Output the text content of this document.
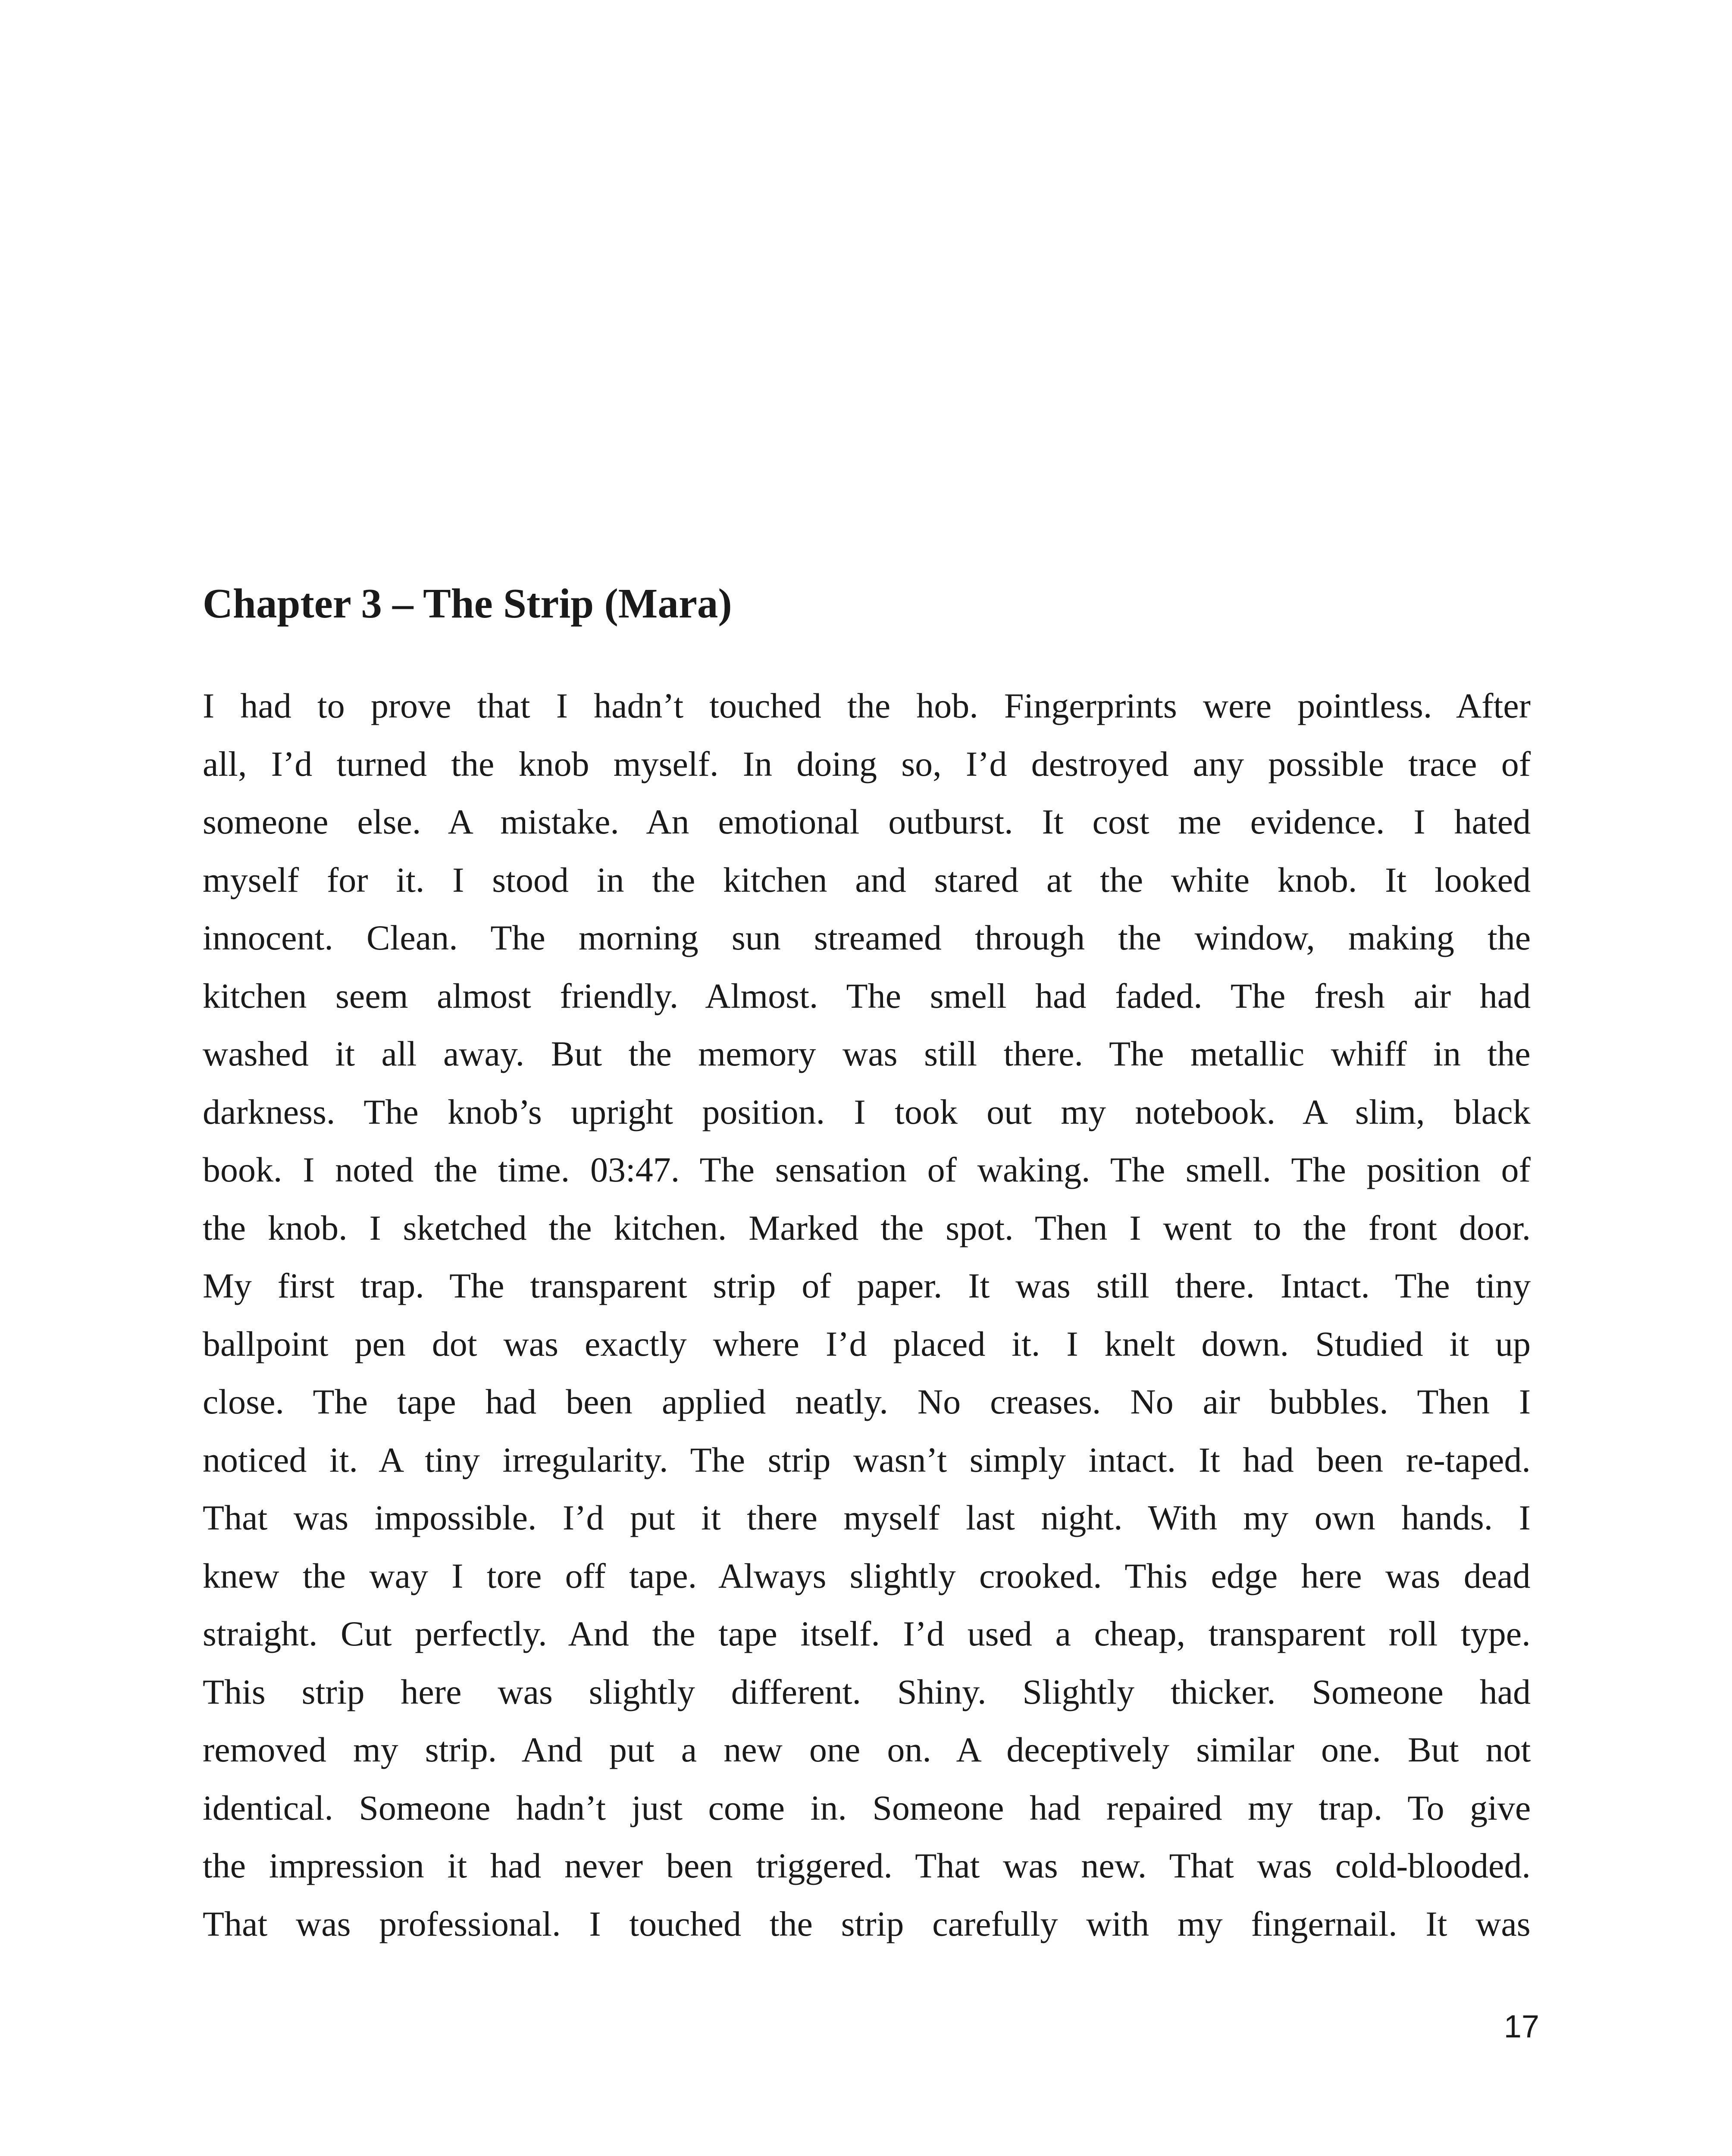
Chapter 3 – The Strip (Mara)
I had to prove that I hadn’t touched the hob. Fingerprints were pointless. After
all, I’d turned the knob myself. In doing so, I’d destroyed any possible trace of
someone else. A mistake. An emotional outburst. It cost me evidence. I hated
myself for it. I stood in the kitchen and stared at the white knob. It looked
innocent. Clean. The morning sun streamed through the window, making the
kitchen seem almost friendly. Almost. The smell had faded. The fresh air had
washed it all away. But the memory was still there. The metallic whiff in the
darkness. The knob’s upright position. I took out my notebook. A slim, black
book. I noted the time. 03:47. The sensation of waking. The smell. The position of
the knob. I sketched the kitchen. Marked the spot. Then I went to the front door.
My first trap. The transparent strip of paper. It was still there. Intact. The tiny
ballpoint pen dot was exactly where I’d placed it. I knelt down. Studied it up
close. The tape had been applied neatly. No creases. No air bubbles. Then I
noticed it. A tiny irregularity. The strip wasn’t simply intact. It had been re-taped.
That was impossible. I’d put it there myself last night. With my own hands. I
knew the way I tore off tape. Always slightly crooked. This edge here was dead
straight. Cut perfectly. And the tape itself. I’d used a cheap, transparent roll type.
This strip here was slightly different. Shiny. Slightly thicker. Someone had
removed my strip. And put a new one on. A deceptively similar one. But not
identical. Someone hadn’t just come in. Someone had repaired my trap. To give
the impression it had never been triggered. That was new. That was cold-blooded.
That was professional. I touched the strip carefully with my fingernail. It was
17
